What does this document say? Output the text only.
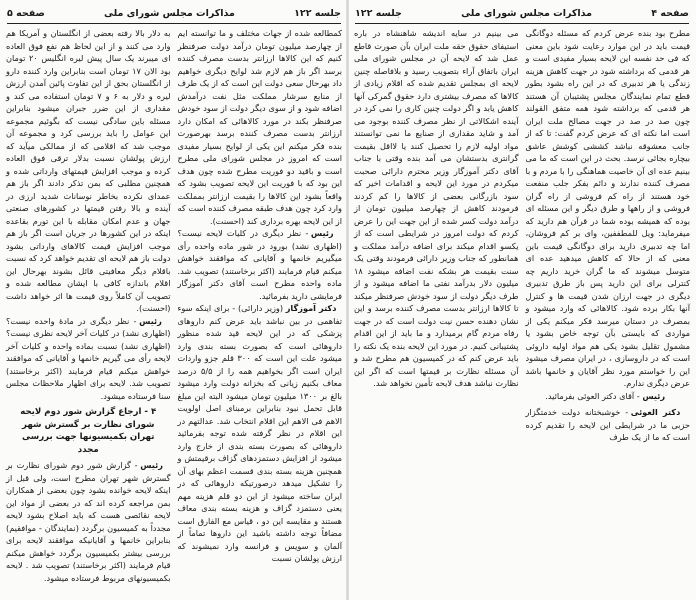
صفحه ۵	مذاکرات مجلس شورای ملی	جلسه ۱۲۲

کمطالعه شده از جهات مختلف و ما توانسته ایم از چهارصد میلیون تومان درآمد دولت صرفنظر کنیم که این کالاها ارزانتر بدست مصرف کننده برسد اگر باز هم لازم شد لوایح دیگری خواهیم داد بهرحال سعی دولت این است که از یک طرف از منابع سرشار مملکت مثل نفت درآمدش اضافه شود و از سوی دیگر دولت از سود خودش صرفنظر بکند در مورد کالاهائی که امکان دارد ارزانتر بدست مصرف کننده برسد بهرصورت بنده فکر میکنم این یکی از لوایح بسیار مفیدی است که امروز در مجلس شورای ملی مطرح است و باقید دو فوریت مطرح شده چون هدف این بود که با فوریت این لایحه تصویب بشود که واقعاً بشود این کالاها را بقیمت ارزانتر بمملکت وارد کرد چون هدف طبقه مصرف کننده است که از این لایحه بهره برداری کند (احسنت).

رئیس - نظر دیگری در کلیات لایحه نیست؟ (اظهاری نشد) بورود در شور ماده واحده رأی میگیریم خانمها و آقایانی که موافقند خواهش میکنم قیام فرمایند (اکثر برخاستند) تصویب شد. ماده واحده مطرح است آقای دکتر آموزگار فرمایشی دارید بفرمائید.

دکتر آموزگار (وزیر دارائی) - برای اینکه سوء تفاهمی در بین نباشد باید عرض کنم داروهای پزشکی که در این لایحه قید شده منظور داروهائی است که بصورت بسته بندی وارد میشود علت این است که ۳۰۰ قلم جزو واردات ایران است اگر بخواهیم همه را از ۵/۵ درصد معاف بکنیم زیانی که بخزانه دولت وارد میشود بالغ بر ۱۳۰۰ میلیون تومان میشود البته این مبلغ قابل تحمل نبود بنابراین برمبنای اصل اولویت الاهم فی الاهم این اقلام انتخاب شد. عدالتهم در این اقلام در نظر گرفته شده توجه بفرمائید داروهائی که بصورت بسته بندی از خارج وارد میشود از افزایش دستمزدهای گزاف برقیمتش و همچنین هزینه بسته بندی قسمت اعظم بهای آن را تشکیل میدهد درصورتیکه داروهائی که در ایران ساخته میشود از این دو قلم هزینه مهم یعنی دستمزد گزاف و هزینه بسته بندی معاف هستند و مقایسه این دو ، قیاس مع الفارق است مضافاً توجه داشته باشید این داروها تماماً از آلمان و سویس و فرانسه وارد نمیشوند که ارزش پولشان نسبت

به دلار بالا رفته بعضی از انگلستان و آمریکا هم وارد می کنند و از این لحاظ هم نفع فوق العاده ای میبرند یک سال پیش لیره انگلیس ۲۰ تومان بود الان ۱۷ تومان است بنابراین وارد کننده دارو از انگلستان بحق از این تفاوت پائین آمدن ارزش لیره و دلار به ۶ و ۷ تومان استفاده می کند و مقداری از این ضرر جبران میشود بنابراین مسئله باین سادگی نیست که بگوئیم مجموعه این عوامل را باید بررسی کرد و مجموعه آن موجب شد که اقلامی که از ممالکی میآید که ارزش پولشان نسبت بدلار ترقی فوق العاده کرده و موجب افزایش قیمتهای وارداتی شده و همچنین مطلبی که بمن تذکر دادند اگر باز هم عمدای نکرده بخاطر نوسانات شدید ارزی در آینده و بالا رفتن قیمتها در کشورهای صنعتی جهان و عدم امکان مقابله با این تورم بقاعده اینکه در این کشورها در جریان است اگر باز هم موجب افزایش قیمت کالاهای وارداتی بشود دولت باز هم لایحه ای تقدیم خواهد کرد که نسبت باقلام دیگر معافیتی قائل بشوند بهرحال این اقلام باندازه کافی با ایشان مطالعه شده و تصویب آن کاملاً روی قیمت ها اثر خواهد داشت (احسنت).

رئیس - نظر دیگری در مادهٔ واحده نیست؟ (اظهاری نشد) در کلیات آخر لایحه نظری نیست؟ (اظهاری نشد) نسبت بماده واحده و کلیات آخر لایحه رأی می گیریم خانمها و آقایانی که موافقند خواهش میکنم قیام فرمایند (اکثر برخاستند) تصویب شد. لایحه برای اظهار ملاحظات مجلس سنا فرستاده میشود.

۴ - ارجاع گزارش شور دوم لایحه شورای نظارت بر گسترش شهر تهران بکمیسیونها جهت بررسی مجدد

رئیس - گزارش شور دوم شورای نظارت بر گسترش شهر تهران مطرح است، ولی قبل از اینکه لایحه خوانده بشود چون بعضی از همکاران بمن مراجعه کرده اند که در بعضی از مواد این لایحه نقائصی هست که باید اصلاح بشود لایحه مجدداً به کمیسیون برگردد (نمایندگان - موافقیم) بنابراین خانمها و آقایانیکه موافقند لایحه برای بررسی بیشتر بکمیسیون برگردد خواهش میکنم قیام فرمایند (اکثر برخاستند) تصویب شد . لایحه بکمیسیونهای مربوط فرستاده میشود.

جلسه ۱۲۲	مذاکرات مجلس شورای ملی	صفحه ۴

مطرح بود بنده عرض کردم که مسئله دوگانگی قیمت باید در این موارد رعایت شود باین معنی که فی حد نفسه این لایحه بسیار مفیدی است و هر قدمی که برداشته شود در جهت کاهش هزینه زندگی یا هر تدبیری که در این راه بشود بطور قطع تمام نمایندگان مجلس پشتیبان آن هستند هر قدمی که برداشته شود همه متفق القولند چون صد در صد در جهت مصالح ملت ایران است اما نکته ای که عرض کردم گفت: تا که از جانب معشوقه نباشد کششی کوشش عاشق بیچاره بجائی نرسد. بحث در این است که ما می بینیم عده ای آن خاصیت هماهنگی را با مردم و با مصرف کننده ندارند و دائم بفکر جلب منفعت خود هستند از راه کم فروشی از راه گران فروشی و از راهها و طرق دیگر و این مسئله ای بوده که همیشه بوده شما در قرآن هم دارید که میفرماید: ویل للمطففین، وای بر کم فروشان، اما چه تدبیری دارید برای دوگانگی قیمت باین معنی که از حالا که کاهش میدهید عده ای متوسل میشوند که ما گران خرید داریم چه کنترلی برای این دارید پس باز طرق تدبیری دیگری در جهت ارزان شدن قیمت ها و کنترل آنها بکار برده شود. کالاهائی که وارد میشود و بمصرف در دستان میرسد فکر میکنم یکی از مواردی که بایستی بآن توجه خاص بشود یا مشمول تقلیل بشود یکی هم مواد اولیه داروئی است که در داروسازی ، در ایران مصرف میشود این را خواستم مورد نظر آقایان و خانمها باشد عرض دیگری ندارم.

رئیس - آقای دکتر العوئی بفرمائید.

دکتر العوئی - خوشبختانه دولت خدمتگزار حزبی ما در شرایطی این لایحه را تقدیم کرده است که ما از یک طرف

می بینیم در سایه اندیشه شاهنشاه در باره استیفای حقوق حقه ملت ایران بآن صورت قاطع عمل شد که لایحه آن در مجلس شورای ملی ایران باتفاق آراء بتصویب رسید و بلافاصله چنین لایحه ای بمجلس تقدیم شده که اقلام زیادی از کالاها که مصرف بیشتری دارد حقوق گمرکی آنها کاهش یابد و اگر دولت چنین کاری را نمی کرد در آینده اشکالاتی از نظر مصرف کننده بوجود می آمد و شاید مقداری از صنایع ما نمی توانستند مواد اولیه لازم را تحصیل کنند یا لااقل بقیمت گرانتری بدستشان می آمد بنده وقتی با جناب آقای دکتر آموزگار وزیر محترم دارائی صحبت میکردم در مورد این لایحه و اقدامات اخیر که سود بازرگانی بعضی از کالاها را کم کردند فرمودند کاهش از چهارصد میلیون تومان از درآمد دولت کسر شده از این جهت این را عرض کردم که دولت امروز در شرایطی است که از یکسو اقدام میکند برای اضافه درآمد مملکت و همانطور که جناب وزیر دارائی فرمودند وقتی یک سنت بقیمت هر بشکه نفت اضافه میشود ۱۸ میلیون دلار بدرآمد نفتی ما اضافه میشود و از طرف دیگر دولت از سود خودش صرفنظر میکند تا کالاها ارزانتر بدست مصرف کننده برسد و این نشان دهنده حسن نیت دولت است که در جهت رفاه مردم گام برمیدارد و ما باید از این اقدام پشتیبانی کنیم. در مورد این لایحه بنده یک نکته را باید عرض کنم که در کمیسیون هم مطرح شد و آن مسئله نظارت بر قیمتها است که اگر این نظارت نباشد هدف لایحه تأمین نخواهد شد.
